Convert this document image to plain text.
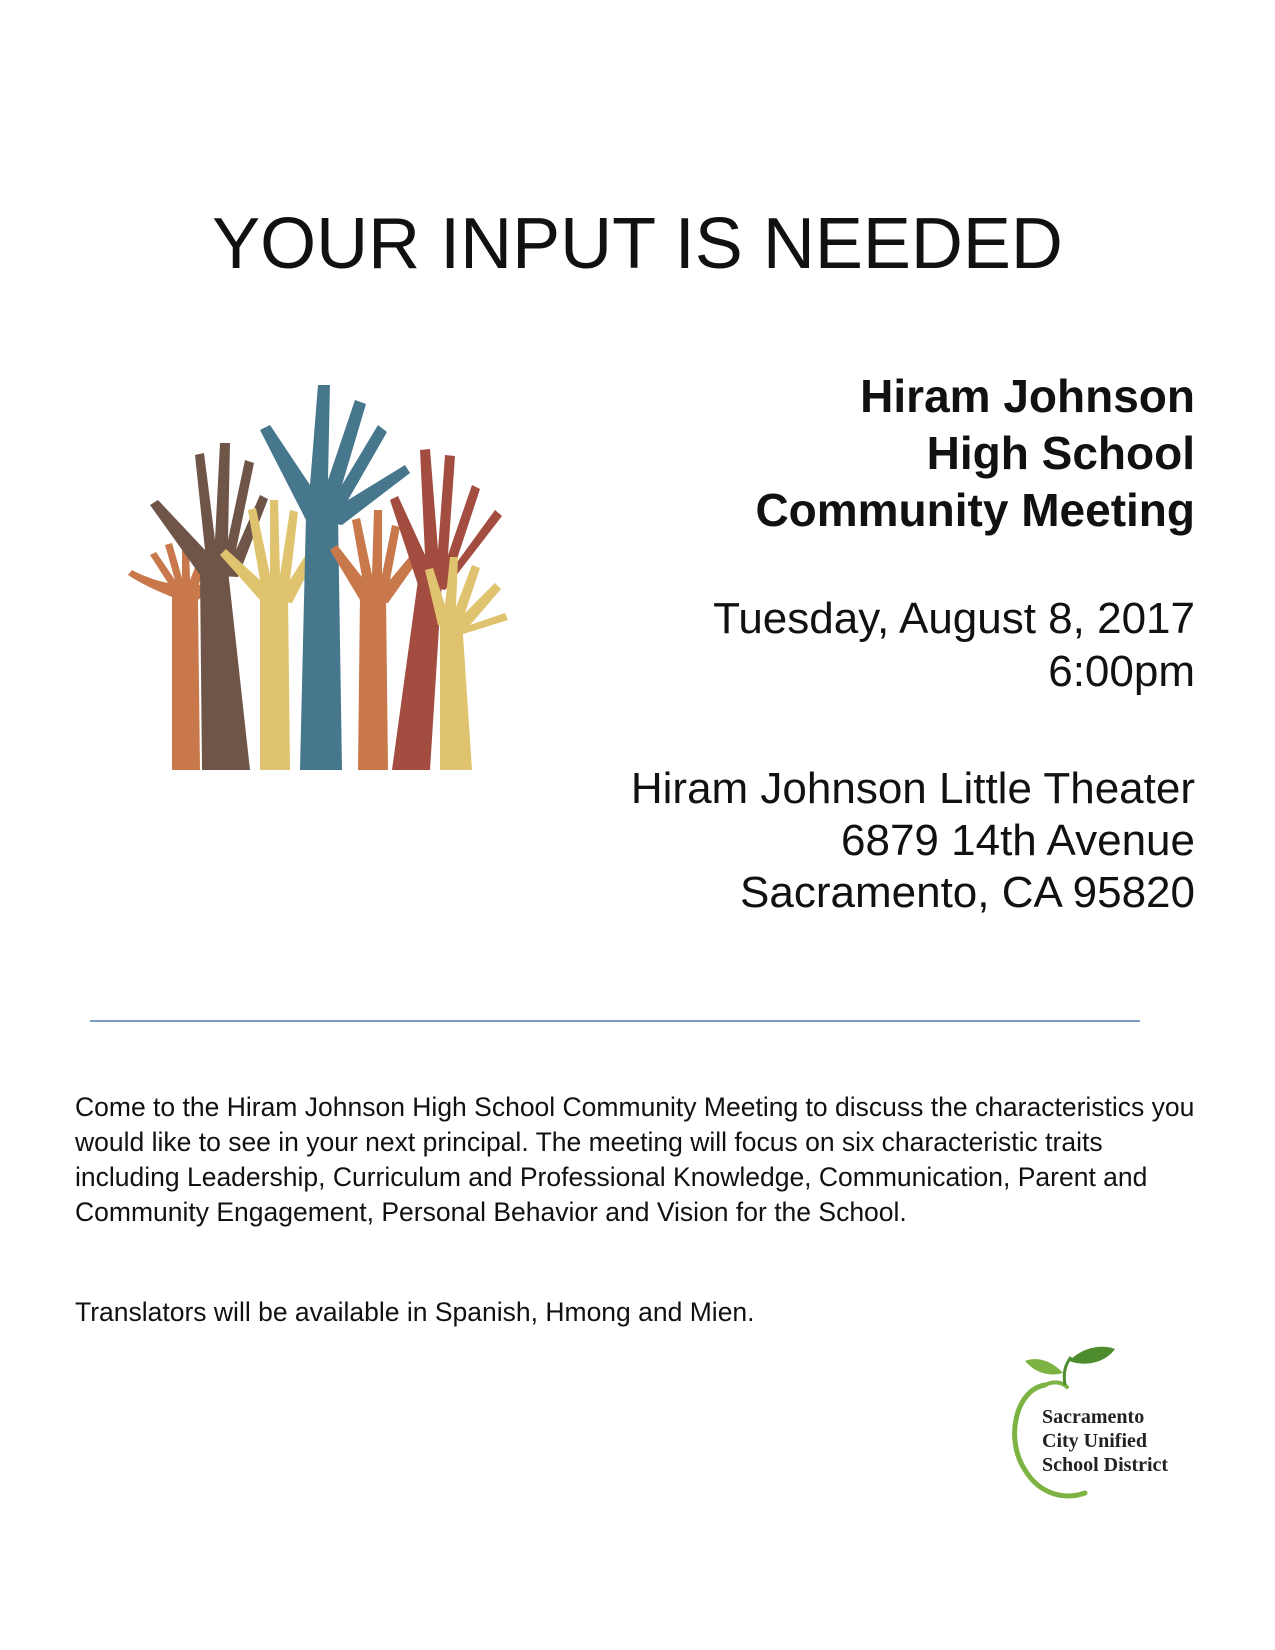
YOUR INPUT IS NEEDED
Hiram Johnson
High School
Community Meeting
Tuesday, August 8, 2017
6:00pm
Hiram Johnson Little Theater
6879 14th Avenue
Sacramento, CA 95820

Come to the Hiram Johnson High School Community Meeting to discuss the characteristics you would like to see in your next principal. The meeting will focus on six characteristic traits including Leadership, Curriculum and Professional Knowledge, Communication, Parent and Community Engagement, Personal Behavior and Vision for the School.

Translators will be available in Spanish, Hmong and Mien.

Sacramento
City Unified
School District
